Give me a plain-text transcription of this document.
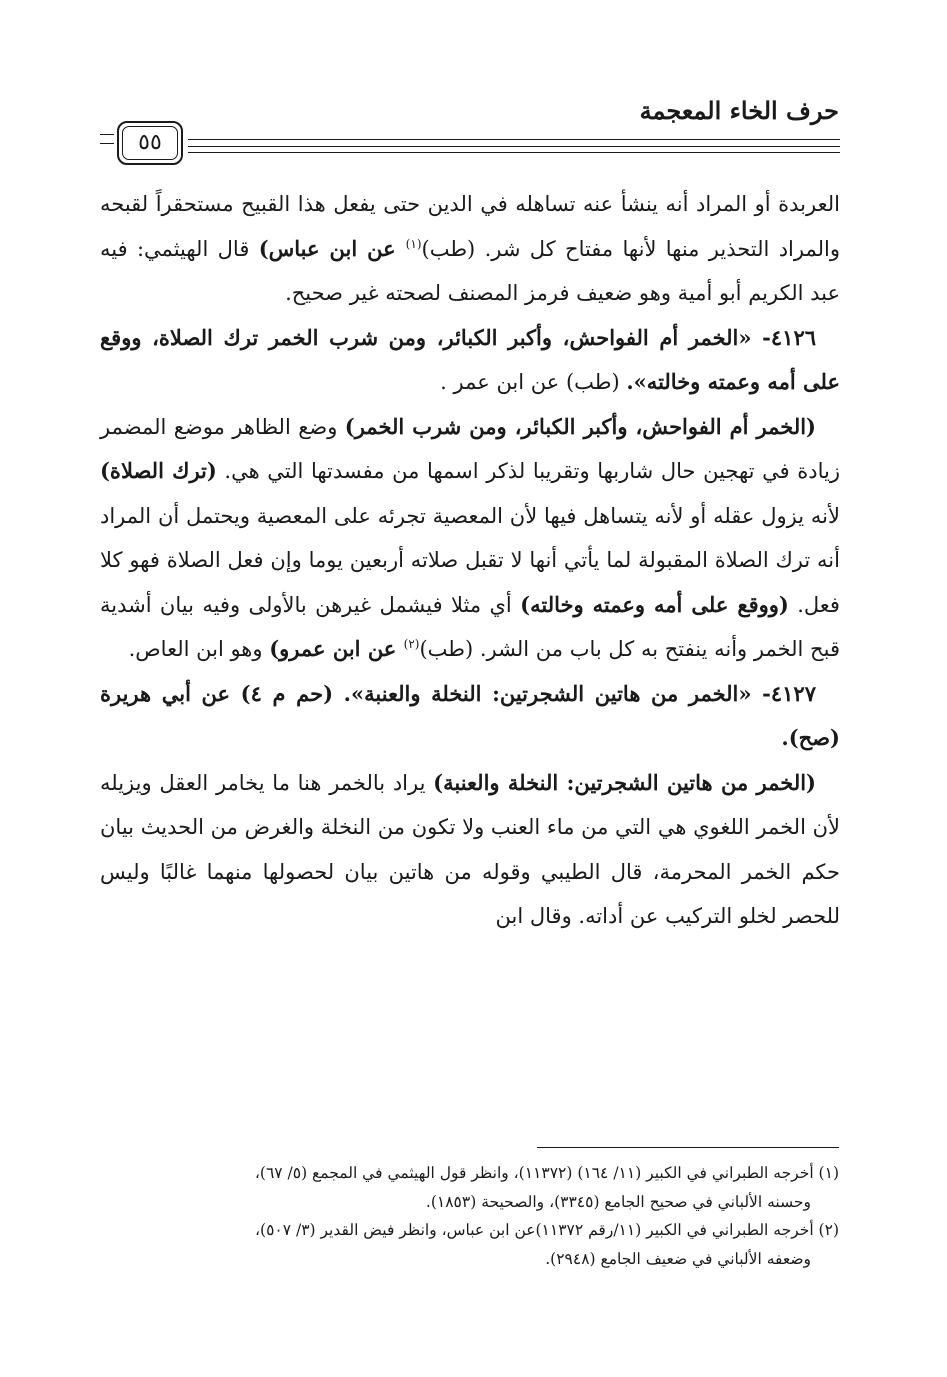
حرف الخاء المعجمة
٥٥

العربدة أو المراد أنه ينشأ عنه تساهله في الدين حتى يفعل هذا القبيح مستحقراً لقبحه والمراد التحذير منها لأنها مفتاح كل شر. (طب)$^{(١)}$ عن ابن عباس) قال الهيثمي: فيه عبد الكريم أبو أمية وهو ضعيف فرمز المصنف لصحته غير صحيح.

٤١٢٦- «الخمر أم الفواحش، وأكبر الكبائر، ومن شرب الخمر ترك الصلاة، ووقع على أمه وعمته وخالته». (طب) عن ابن عمر .

(الخمر أم الفواحش، وأكبر الكبائر، ومن شرب الخمر) وضع الظاهر موضع المضمر زيادة في تهجين حال شاربها وتقريبا لذكر اسمها من مفسدتها التي هي. (ترك الصلاة) لأنه يزول عقله أو لأنه يتساهل فيها لأن المعصية تجرئه على المعصية ويحتمل أن المراد أنه ترك الصلاة المقبولة لما يأتي أنها لا تقبل صلاته أربعين يوما وإن فعل الصلاة فهو كلا فعل. (ووقع على أمه وعمته وخالته) أي مثلا فيشمل غيرهن بالأولى وفيه بيان أشدية قبح الخمر وأنه ينفتح به كل باب من الشر. (طب)$^{(٢)}$ عن ابن عمرو) وهو ابن العاص.

٤١٢٧- «الخمر من هاتين الشجرتين: النخلة والعنبة». (حم م ٤) عن أبي هريرة (صح).

(الخمر من هاتين الشجرتين: النخلة والعنبة) يراد بالخمر هنا ما يخامر العقل ويزيله لأن الخمر اللغوي هي التي من ماء العنب ولا تكون من النخلة والغرض من الحديث بيان حكم الخمر المحرمة، قال الطيبي وقوله من هاتين بيان لحصولها منهما غالبًا وليس للحصر لخلو التركيب عن أداته. وقال ابن

(١) أخرجه الطبراني في الكبير (١١/ ١٦٤) (١١٣٧٢)، وانظر قول الهيثمي في المجمع (٥/ ٦٧)،

وحسنه الألباني في صحيح الجامع (٣٣٤٥)، والصحيحة (١٨٥٣).

(٢) أخرجه الطبراني في الكبير (١١/رقم ١١٣٧٢)عن ابن عباس، وانظر فيض القدير (٣/ ٥٠٧)،

وضعفه الألباني في ضعيف الجامع (٢٩٤٨).
